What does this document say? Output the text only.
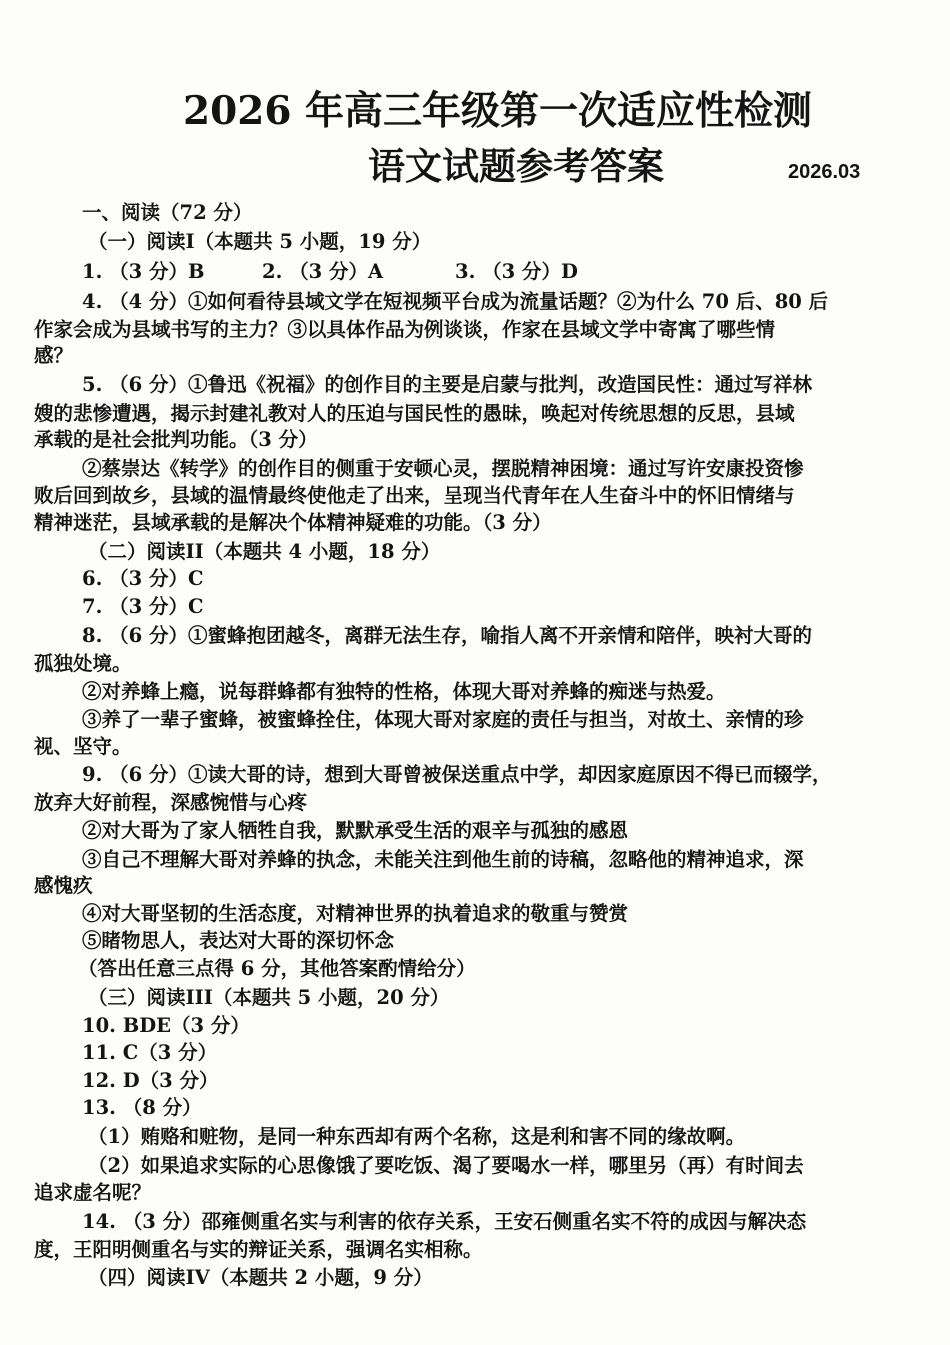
2026 年高三年级第一次适应性检测
语文试题参考答案	2026.03
一、阅读（72 分）
（一）阅读I（本题共 5 小题，19 分）
1. （3 分）B	2. （3 分）A	3. （3 分）D
4. （4 分）①如何看待县域文学在短视频平台成为流量话题？②为什么 70 后、80 后
作家会成为县域书写的主力？③以具体作品为例谈谈，作家在县域文学中寄寓了哪些情
感？
5. （6 分）①鲁迅《祝福》的创作目的主要是启蒙与批判，改造国民性：通过写祥林
嫂的悲惨遭遇，揭示封建礼教对人的压迫与国民性的愚昧，唤起对传统思想的反思，县域
承载的是社会批判功能。（3 分）
②蔡崇达《转学》的创作目的侧重于安顿心灵，摆脱精神困境：通过写许安康投资惨
败后回到故乡，县域的温情最终使他走了出来，呈现当代青年在人生奋斗中的怀旧情绪与
精神迷茫，县域承载的是解决个体精神疑难的功能。（3 分）
（二）阅读II（本题共 4 小题，18 分）
6. （3 分）C
7. （3 分）C
8. （6 分）①蜜蜂抱团越冬，离群无法生存，喻指人离不开亲情和陪伴，映衬大哥的
孤独处境。
②对养蜂上瘾，说每群蜂都有独特的性格，体现大哥对养蜂的痴迷与热爱。
③养了一辈子蜜蜂，被蜜蜂拴住，体现大哥对家庭的责任与担当，对故土、亲情的珍
视、坚守。
9. （6 分）①读大哥的诗，想到大哥曾被保送重点中学，却因家庭原因不得已而辍学，
放弃大好前程，深感惋惜与心疼
②对大哥为了家人牺牲自我，默默承受生活的艰辛与孤独的感恩
③自己不理解大哥对养蜂的执念，未能关注到他生前的诗稿，忽略他的精神追求，深
感愧疚
④对大哥坚韧的生活态度，对精神世界的执着追求的敬重与赞赏
⑤睹物思人，表达对大哥的深切怀念
（答出任意三点得 6 分，其他答案酌情给分）
（三）阅读III（本题共 5 小题，20 分）
10. BDE（3 分）
11. C（3 分）
12. D（3 分）
13. （8 分）
（1）贿赂和赃物，是同一种东西却有两个名称，这是利和害不同的缘故啊。
（2）如果追求实际的心思像饿了要吃饭、渴了要喝水一样，哪里另（再）有时间去
追求虚名呢？
14. （3 分）邵雍侧重名实与利害的依存关系，王安石侧重名实不符的成因与解决态
度，王阳明侧重名与实的辩证关系，强调名实相称。
（四）阅读IV（本题共 2 小题，9 分）
